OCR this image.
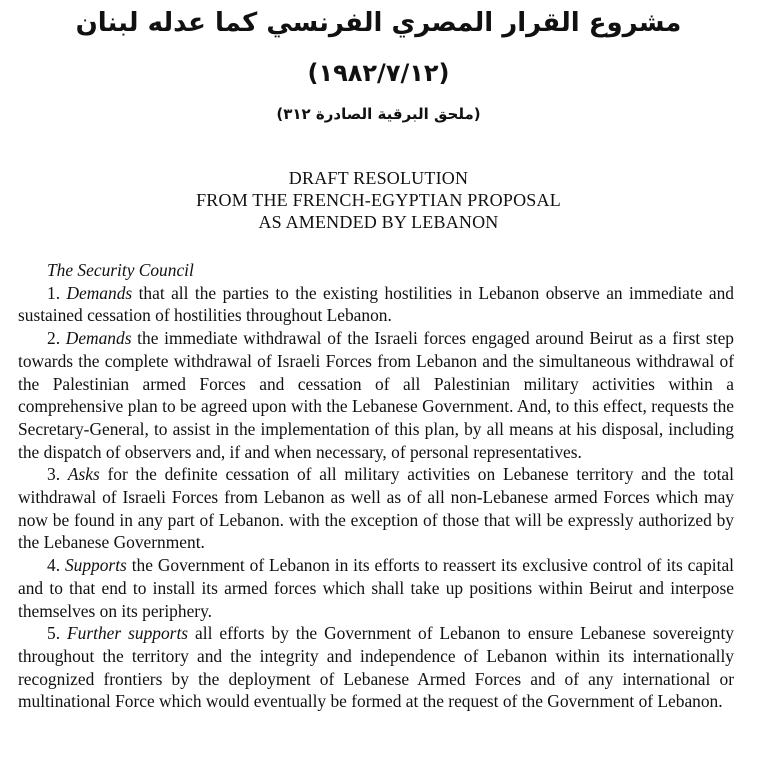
مشروع القرار المصري الفرنسي كما عدله لبنان
(١٩٨٢/٧/١٢)
(ملحق البرقية الصادرة ٣١٢)
DRAFT RESOLUTION
FROM THE FRENCH-EGYPTIAN PROPOSAL
AS AMENDED BY LEBANON

The Security Council

1. Demands that all the parties to the existing hostilities in Lebanon observe an immediate and sustained cessation of hostilities throughout Lebanon.

2. Demands the immediate withdrawal of the Israeli forces engaged around Beirut as a first step towards the complete withdrawal of Israeli Forces from Lebanon and the simultaneous withdrawal of the Palestinian armed Forces and cessation of all Palestinian military activities within a comprehensive plan to be agreed upon with the Lebanese Government. And, to this effect, requests the Secretary-General, to assist in the implementation of this plan, by all means at his disposal, including the dispatch of observers and, if and when necessary, of personal representatives.

3. Asks for the definite cessation of all military activities on Lebanese territory and the total withdrawal of Israeli Forces from Lebanon as well as of all non-Lebanese armed Forces which may now be found in any part of Lebanon. with the exception of those that will be expressly authorized by the Lebanese Government.

4. Supports the Government of Lebanon in its efforts to reassert its exclusive control of its capital and to that end to install its armed forces which shall take up positions within Beirut and interpose themselves on its periphery.

5. Further supports all efforts by the Government of Lebanon to ensure Lebanese sovereignty throughout the territory and the integrity and independence of Lebanon within its internationally recognized frontiers by the deployment of Lebanese Armed Forces and of any international or multinational Force which would eventually be formed at the request of the Government of Lebanon.
